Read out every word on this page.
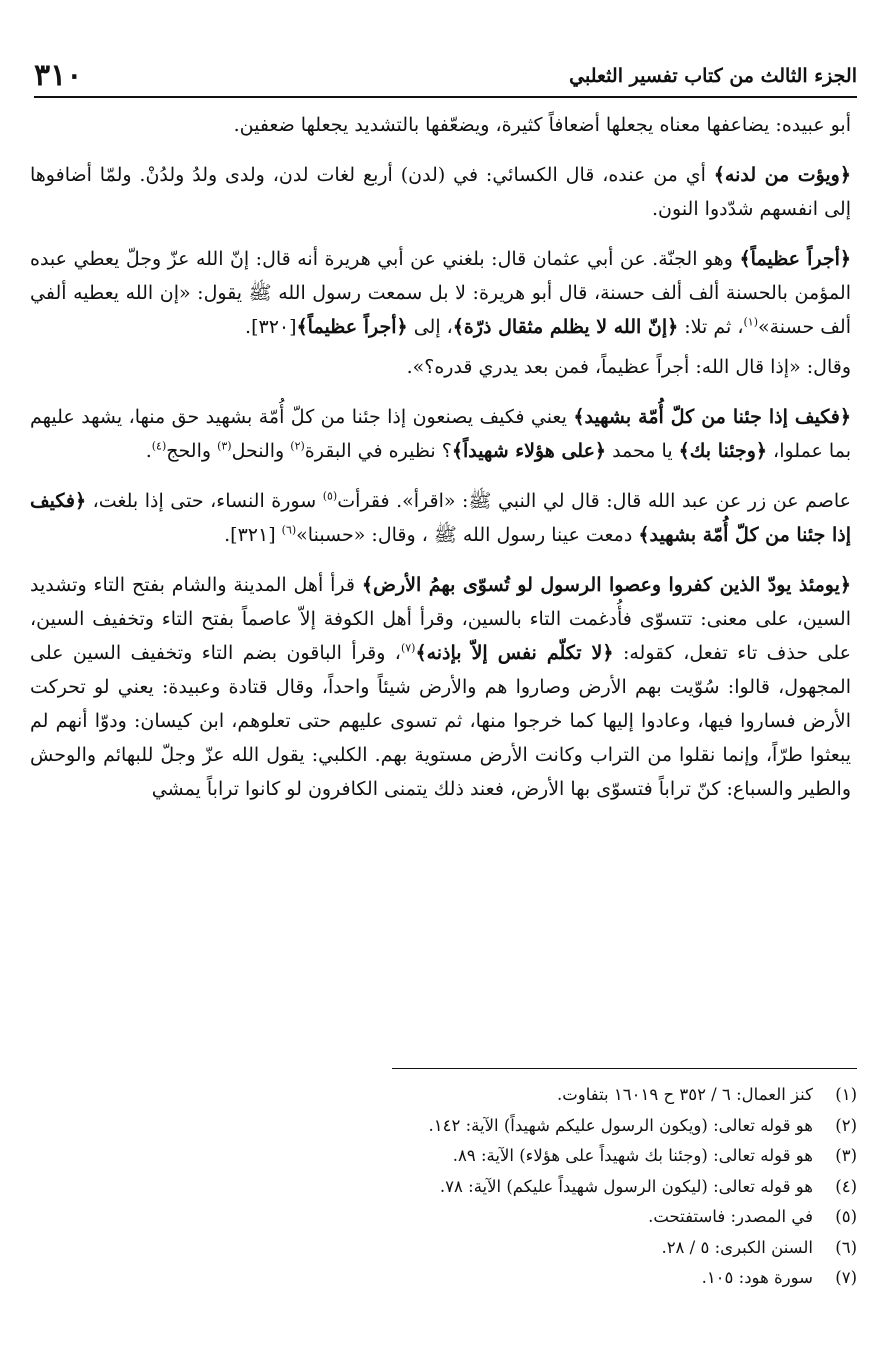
الجزء الثالث من كتاب تفسير الثعلبي
٣١٠

أبو عبيده: يضاعفها معناه يجعلها أضعافاً كثيرة، ويضعّفها بالتشديد يجعلها ضعفين.

﴿ويؤت من لدنه﴾ أي من عنده، قال الكسائي: في (لدن) أربع لغات لدن، ولدى ولدُ ولدُنْ. ولمّا أضافوها إلى انفسهم شدّدوا النون.

﴿أجراً عظيماً﴾ وهو الجنّة. عن أبي عثمان قال: بلغني عن أبي هريرة أنه قال: إنّ الله عزّ وجلّ يعطي عبده المؤمن بالحسنة ألف ألف حسنة، قال أبو هريرة: لا بل سمعت رسول الله ﷺ يقول: «إن الله يعطيه ألفي ألف حسنة»$^{(١)}$، ثم تلا: ﴿إنّ الله لا يظلم مثقال ذرّة﴾، إلى ﴿أجراً عظيماً﴾[٣٢٠].

وقال: «إذا قال الله: أجراً عظيماً، فمن بعد يدري قدره؟».

﴿فكيف إذا جئنا من كلّ أُمّة بشهيد﴾ يعني فكيف يصنعون إذا جئنا من كلّ أُمّة بشهيد حق منها، يشهد عليهم بما عملوا، ﴿وجئنا بك﴾ يا محمد ﴿على هؤلاء شهيداً﴾؟ نظيره في البقرة$^{(٢)}$ والنحل$^{(٣)}$ والحج$^{(٤)}$.

عاصم عن زر عن عبد الله قال: قال لي النبي ﷺ: «اقرأ». فقرأت$^{(٥)}$ سورة النساء، حتى إذا بلغت، ﴿فكيف إذا جئنا من كلّ أُمّة بشهيد﴾ دمعت عينا رسول الله ﷺ ، وقال: «حسبنا»$^{(٦)}$ [٣٢١].

﴿يومئذ يودّ الذين كفروا وعصوا الرسول لو تُسوّى بهمُ الأرض﴾ قرأ أهل المدينة والشام بفتح التاء وتشديد السين، على معنى: تتسوّى فأُدغمت التاء بالسين، وقرأ أهل الكوفة إلاّ عاصماً بفتح التاء وتخفيف السين، على حذف تاء تفعل، كقوله: ﴿لا تكلّم نفس إلاّ بإذنه﴾$^{(٧)}$، وقرأ الباقون بضم التاء وتخفيف السين على المجهول، قالوا: سُوّيت بهم الأرض وصاروا هم والأرض شيئاً واحداً، وقال قتادة وعبيدة: يعني لو تحركت الأرض فساروا فيها، وعادوا إليها كما خرجوا منها، ثم تسوى عليهم حتى تعلوهم، ابن كيسان: ودوّا أنهم لم يبعثوا طرّاً، وإنما نقلوا من التراب وكانت الأرض مستوية بهم. الكلبي: يقول الله عزّ وجلّ للبهائم والوحش والطير والسباع: كنّ تراباً فتسوّى بها الأرض، فعند ذلك يتمنى الكافرون لو كانوا تراباً يمشي

(١)
كنز العمال: ٦ / ٣٥٢ ح ١٦٠١٩ بتفاوت.
(٢)
هو قوله تعالى: (ويكون الرسول عليكم شهيداً) الآية: ١٤٢.
(٣)
هو قوله تعالى: (وجئنا بك شهيداً على هؤلاء) الآية: ٨٩.
(٤)
هو قوله تعالى: (ليكون الرسول شهيداً عليكم) الآية: ٧٨.
(٥)
في المصدر: فاستفتحت.
(٦)
السنن الكبرى: ٥ / ٢٨.
(٧)
سورة هود: ١٠٥.
